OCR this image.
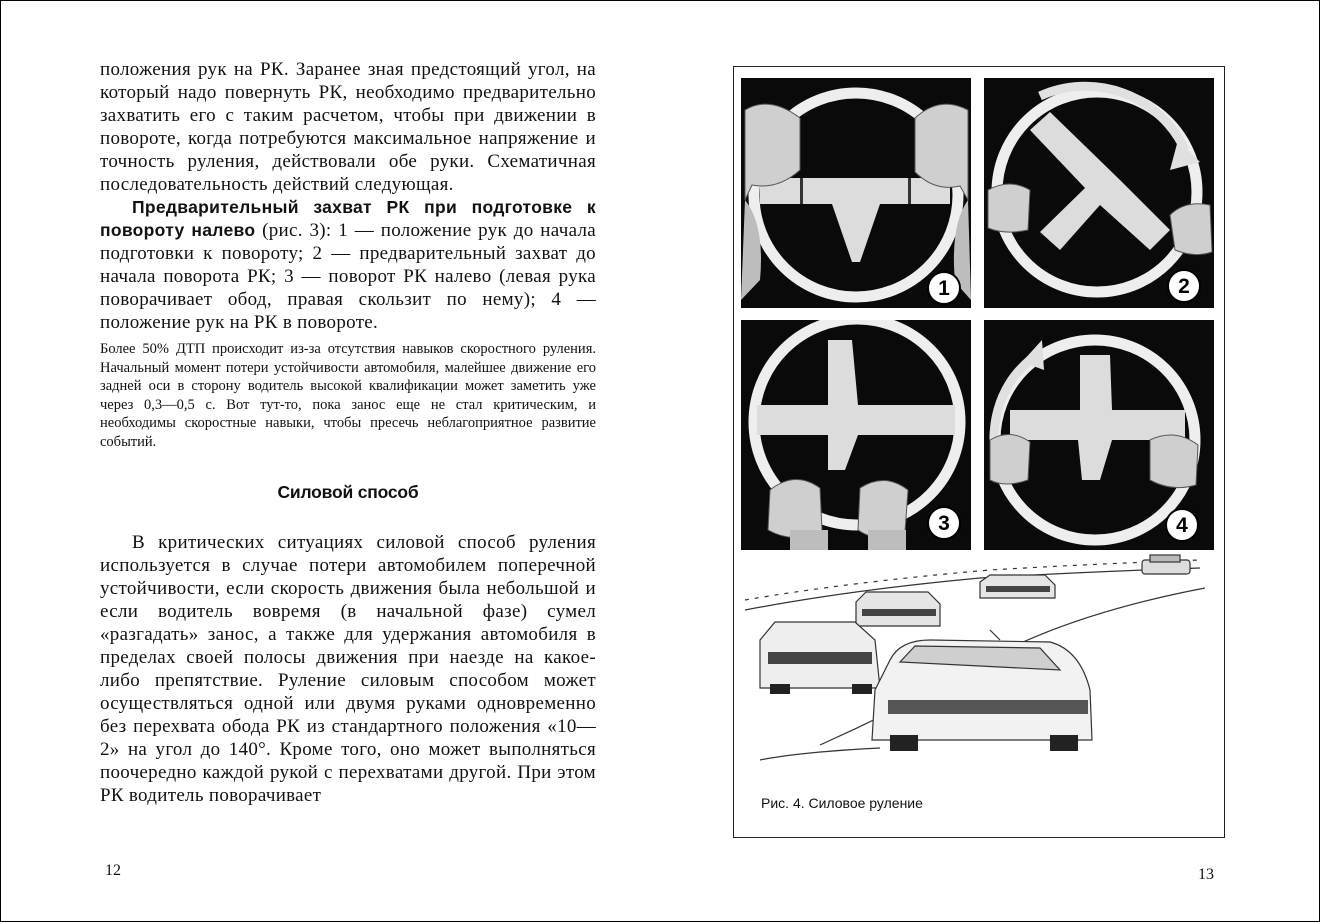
положения рук на РК. Заранее зная предстоящий угол, на который надо повернуть РК, необходимо предварительно захватить его с таким расчетом, чтобы при движении в повороте, когда потребуются максимальное напряжение и точность руления, действовали обе руки. Схематичная последовательность действий следующая.

Предварительный захват РК при подготовке к повороту налево (рис. 3): 1 — положение рук до начала подготовки к повороту; 2 — предварительный захват до начала поворота РК; 3 — поворот РК налево (левая рука поворачивает обод, правая скользит по нему); 4 — положение рук на РК в повороте.

Более 50% ДТП происходит из-за отсутствия навыков скоростного руления. Начальный момент потери устойчивости автомобиля, малейшее движение его задней оси в сторону водитель высокой квалификации может заметить уже через 0,3—0,5 с. Вот тут-то, пока занос еще не стал критическим, и необходимы скоростные навыки, чтобы пресечь неблагоприятное развитие событий.

Силовой способ

В критических ситуациях силовой способ руления используется в случае потери автомобилем поперечной устойчивости, если скорость движения была небольшой и если водитель вовремя (в начальной фазе) сумел «разгадать» занос, а также для удержания автомобиля в пределах своей полосы движения при наезде на какое-либо препятствие. Руление силовым способом может осуществляться одной или двумя руками одновременно без перехвата обода РК из стандартного положения «10—2» на угол до 140°. Кроме того, оно может выполняться поочередно каждой рукой с перехватами другой. При этом РК водитель поворачивает

12	13
1	2
3	4
Рис. 4. Силовое руление
